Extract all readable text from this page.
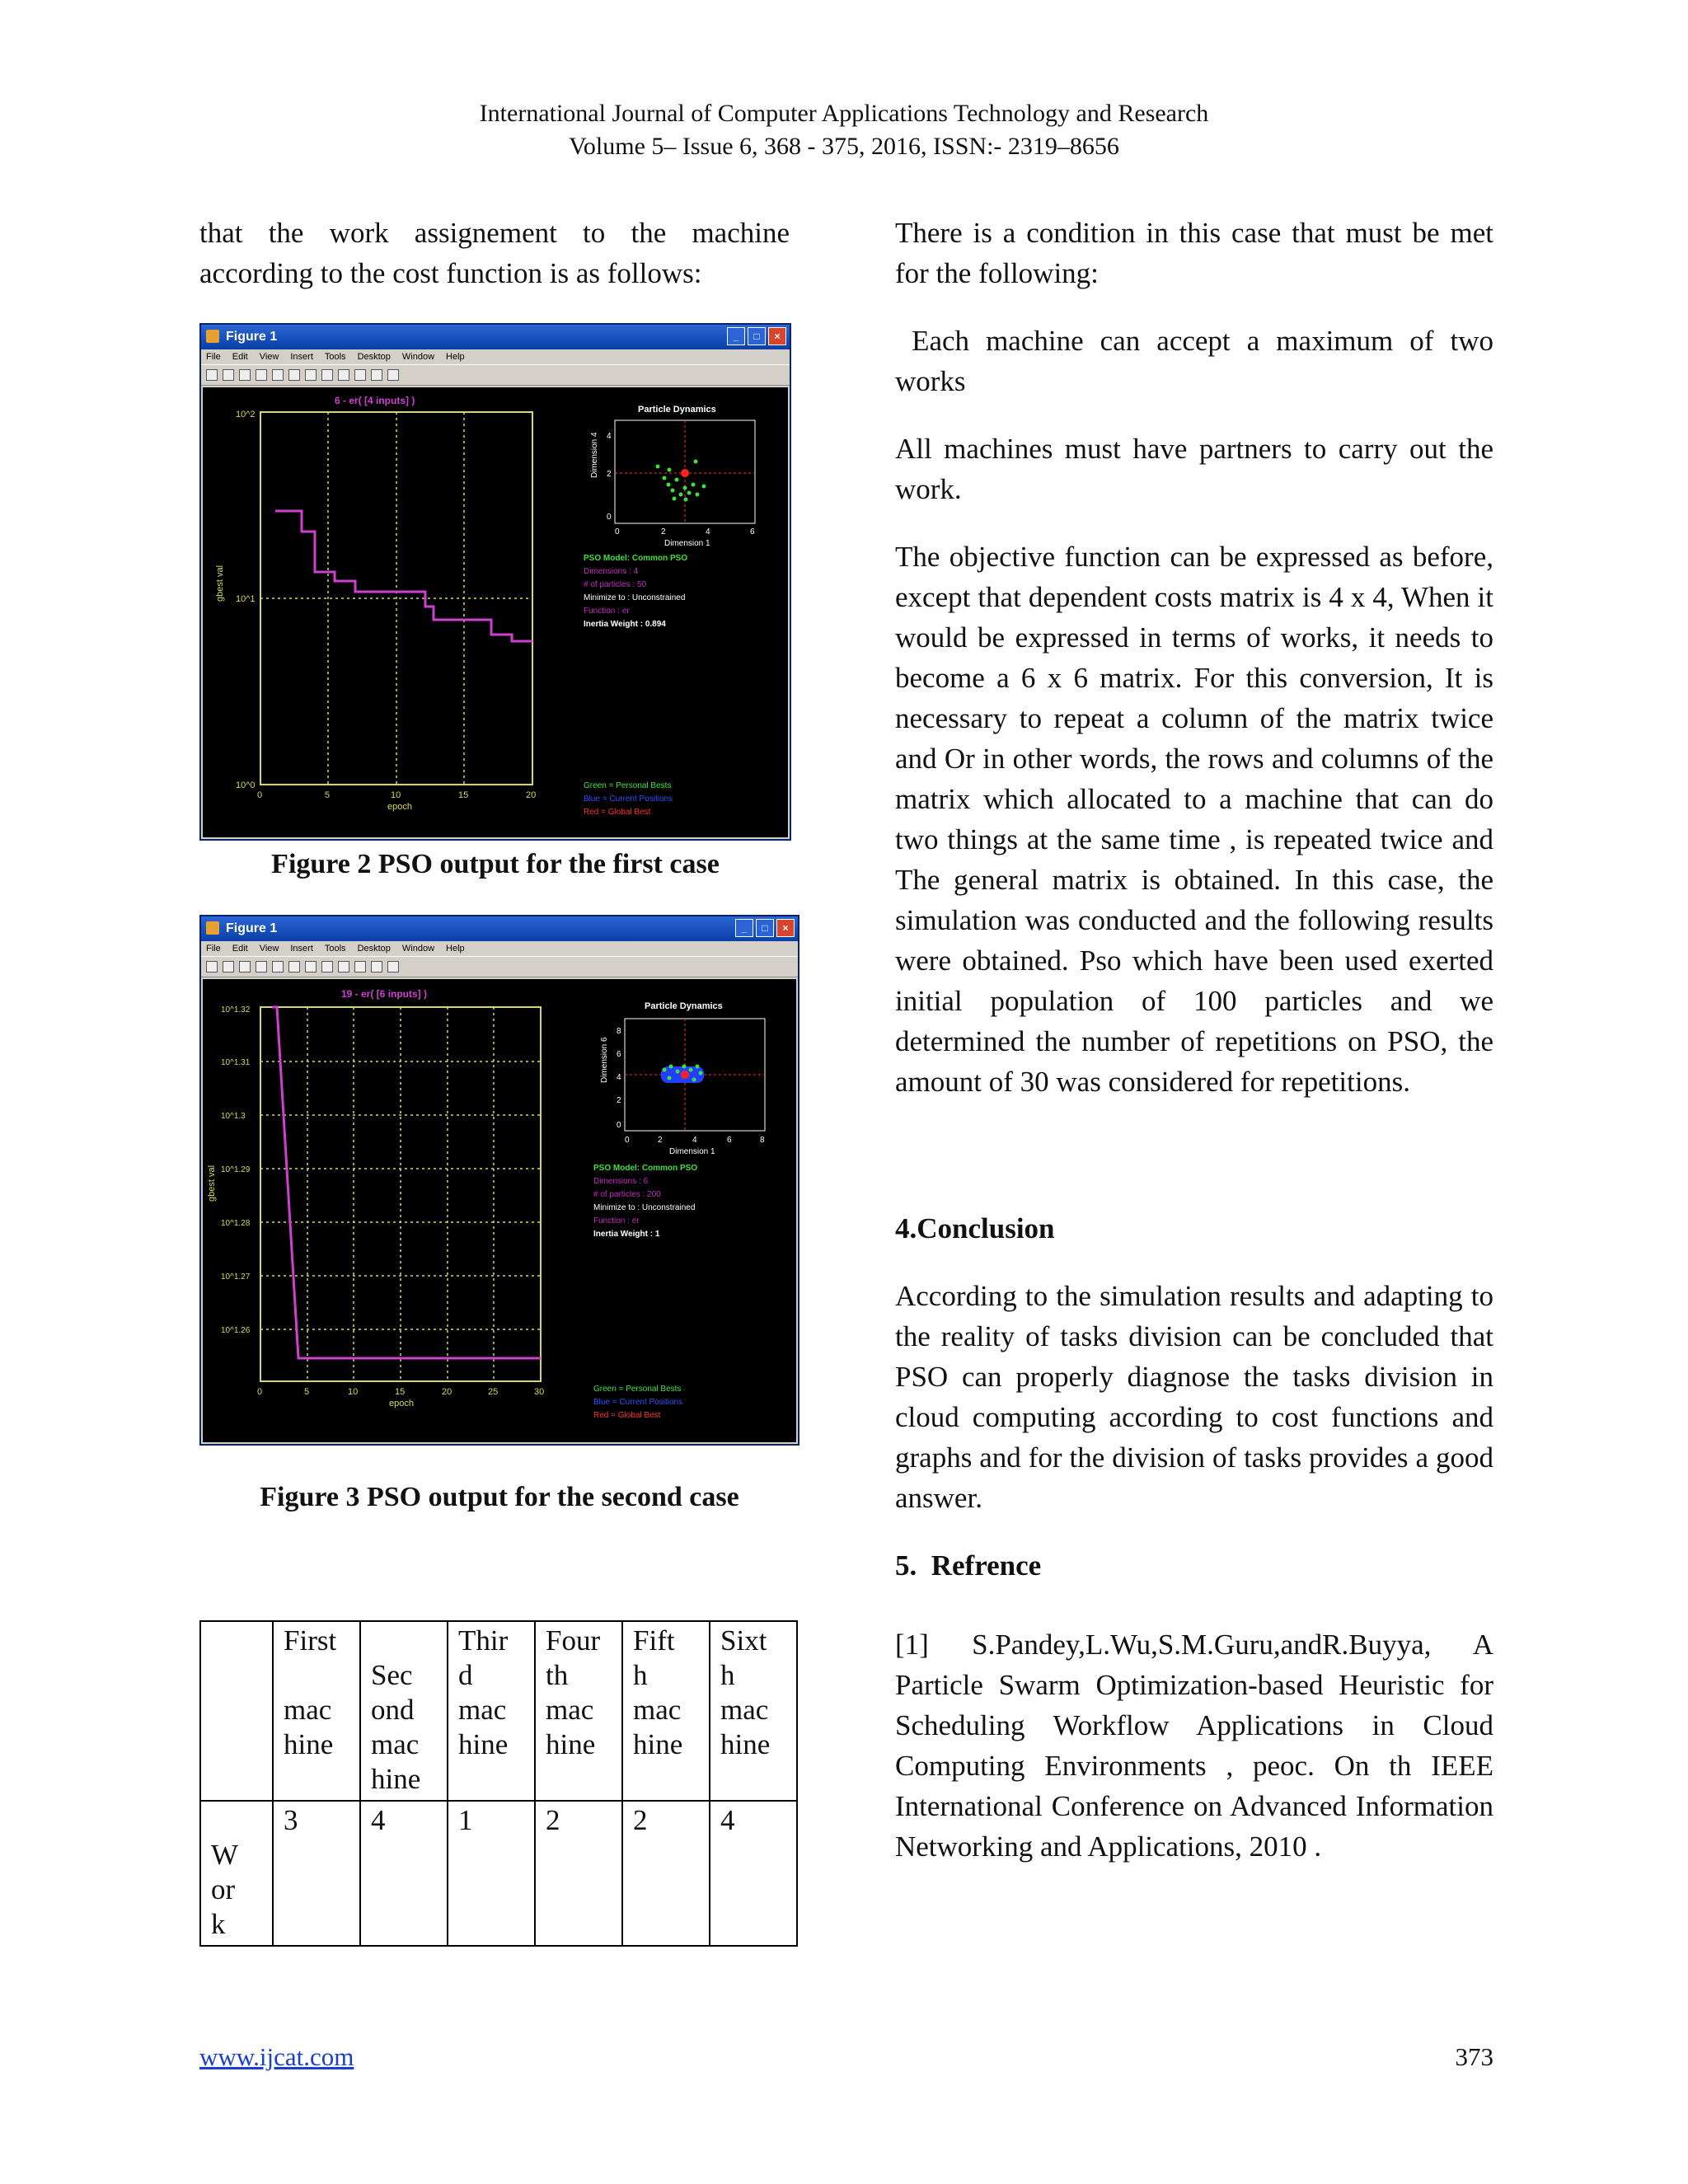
International Journal of Computer Applications Technology and Research
Volume 5– Issue 6, 368 - 375, 2016, ISSN:- 2319–8656

that the work assignement to the machine according to the cost function is as follows:

Figure 1	_	□	×
File Edit View Insert Tools Desktop Window Help
6 - er( [4 inputs] )
10^2
10^1
10^0
0	5	10	15	20
epoch
gbest val
Particle Dynamics
Dimension 4 4
2
0
0	2	4	6
Dimension 1
PSO Model: Common PSO
Dimensions : 4
# of particles : 50
Minimize to : Unconstrained
Function : er
Inertia Weight : 0.894
Green = Personal Bests
Blue = Current Positions
Red = Global Best
Figure 2 PSO output for the first case
Figure 1	_	□	×
File Edit View Insert Tools Desktop Window Help
19 - er( [6 inputs] )
10^1.32
10^1.31
10^1.3
10^1.29
10^1.28
10^1.27
10^1.26
0	5	10	15	20	25	30
epoch
gbest val
Particle Dynamics
Dimension 6
8
6
4
2
0
0	2	4	6	8
Dimension 1
PSO Model: Common PSO
Dimensions : 6
# of particles : 200
Minimize to : Unconstrained
Function : er
Inertia Weight : 1
Green = Personal Bests
Blue = Current Positions
Red = Global Best
Figure 3 PSO output for the second case
	First

mac
hine	
Sec
ond
mac
hine	Thir
d
mac
hine	Four
th
mac
hine	Fift
h
mac
hine	Sixt
h
mac
hine

W
or
k	3	4	1	2	2	4

There is a condition in this case that must be met for the following:

Each machine can accept a maximum of two works

All machines must have partners to carry out the work.

The objective function can be expressed as before, except that dependent costs matrix is 4 x 4, When it would be expressed in terms of works, it needs to become a 6 x 6 matrix. For this conversion, It is necessary to repeat a column of the matrix twice and Or in other words, the rows and columns of the matrix which allocated to a machine that can do two things at the same time , is repeated twice and The general matrix is obtained. In this case, the simulation was conducted and the following results were obtained. Pso which have been used exerted initial population of 100 particles and we determined the number of repetitions on PSO, the amount of 30 was considered for repetitions.

4.Conclusion

According to the simulation results and adapting to the reality of tasks division can be concluded that PSO can properly diagnose the tasks division in cloud computing according to cost functions and graphs and for the division of tasks provides a good answer.

5.  Refrence

[1] S.Pandey,L.Wu,S.M.Guru,andR.Buyya, A Particle Swarm Optimization-based Heuristic for Scheduling Workflow Applications in Cloud Computing Environments , peoc. On th IEEE International Conference on Advanced Information Networking and Applications, 2010 .

www.ijcat.com	373
